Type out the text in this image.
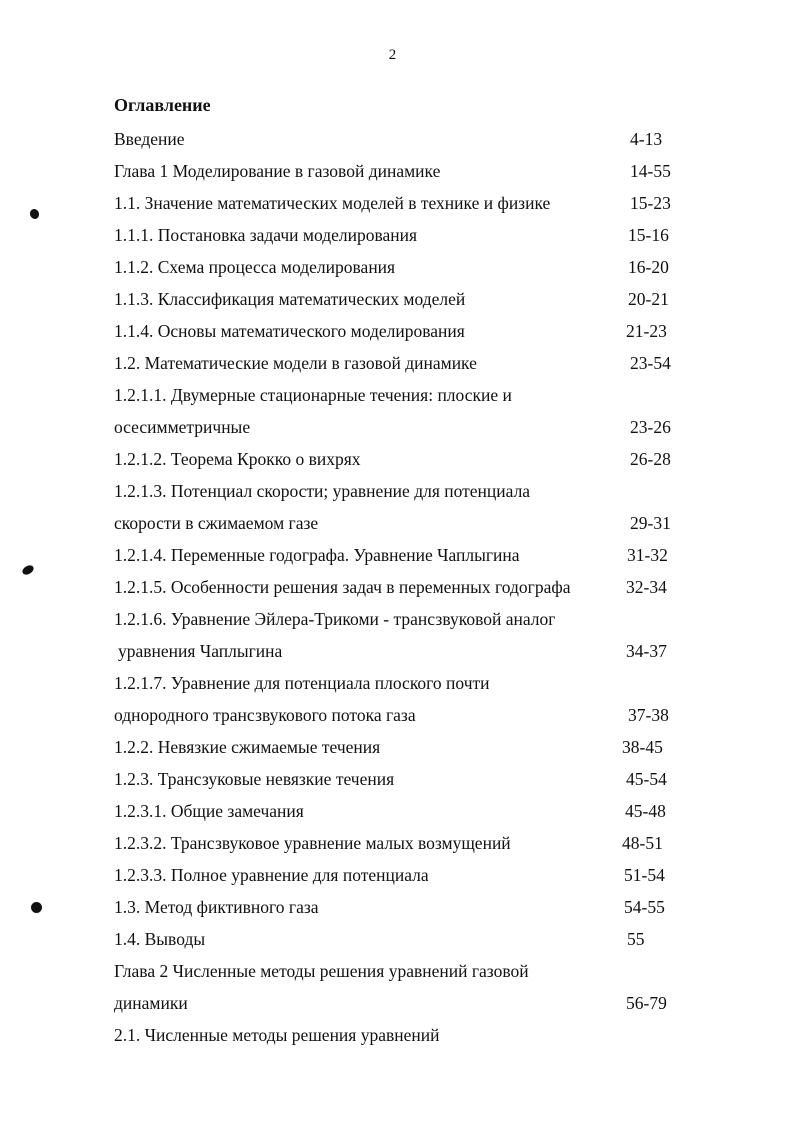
2
Оглавление
Введение	4-13
Глава 1 Моделирование в газовой динамике	14-55
1.1. Значение математических моделей в технике и физике	15-23
1.1.1. Постановка задачи моделирования	15-16
1.1.2. Схема процесса моделирования	16-20
1.1.3. Классификация математических моделей	20-21
1.1.4. Основы математического моделирования	21-23
1.2. Математические модели в газовой динамике	23-54
1.2.1.1. Двумерные стационарные течения: плоские и
осесимметричные	23-26
1.2.1.2. Теорема Крокко о вихрях	26-28
1.2.1.3. Потенциал скорости; уравнение для потенциала
скорости в сжимаемом газе	29-31
1.2.1.4. Переменные годографа. Уравнение Чаплыгина	31-32
1.2.1.5. Особенности решения задач в переменных годографа	32-34
1.2.1.6. Уравнение Эйлера-Трикоми - трансзвуковой аналог
уравнения Чаплыгина	34-37
1.2.1.7. Уравнение для потенциала плоского почти
однородного трансзвукового потока газа	37-38
1.2.2. Невязкие сжимаемые течения	38-45
1.2.3. Трансзуковые невязкие течения	45-54
1.2.3.1. Общие замечания	45-48
1.2.3.2. Трансзвуковое уравнение малых возмущений	48-51
1.2.3.3. Полное уравнение для потенциала	51-54
1.3. Метод фиктивного газа	54-55
1.4. Выводы	55
Глава 2 Численные методы решения уравнений газовой
динамики	56-79
2.1. Численные методы решения уравнений
